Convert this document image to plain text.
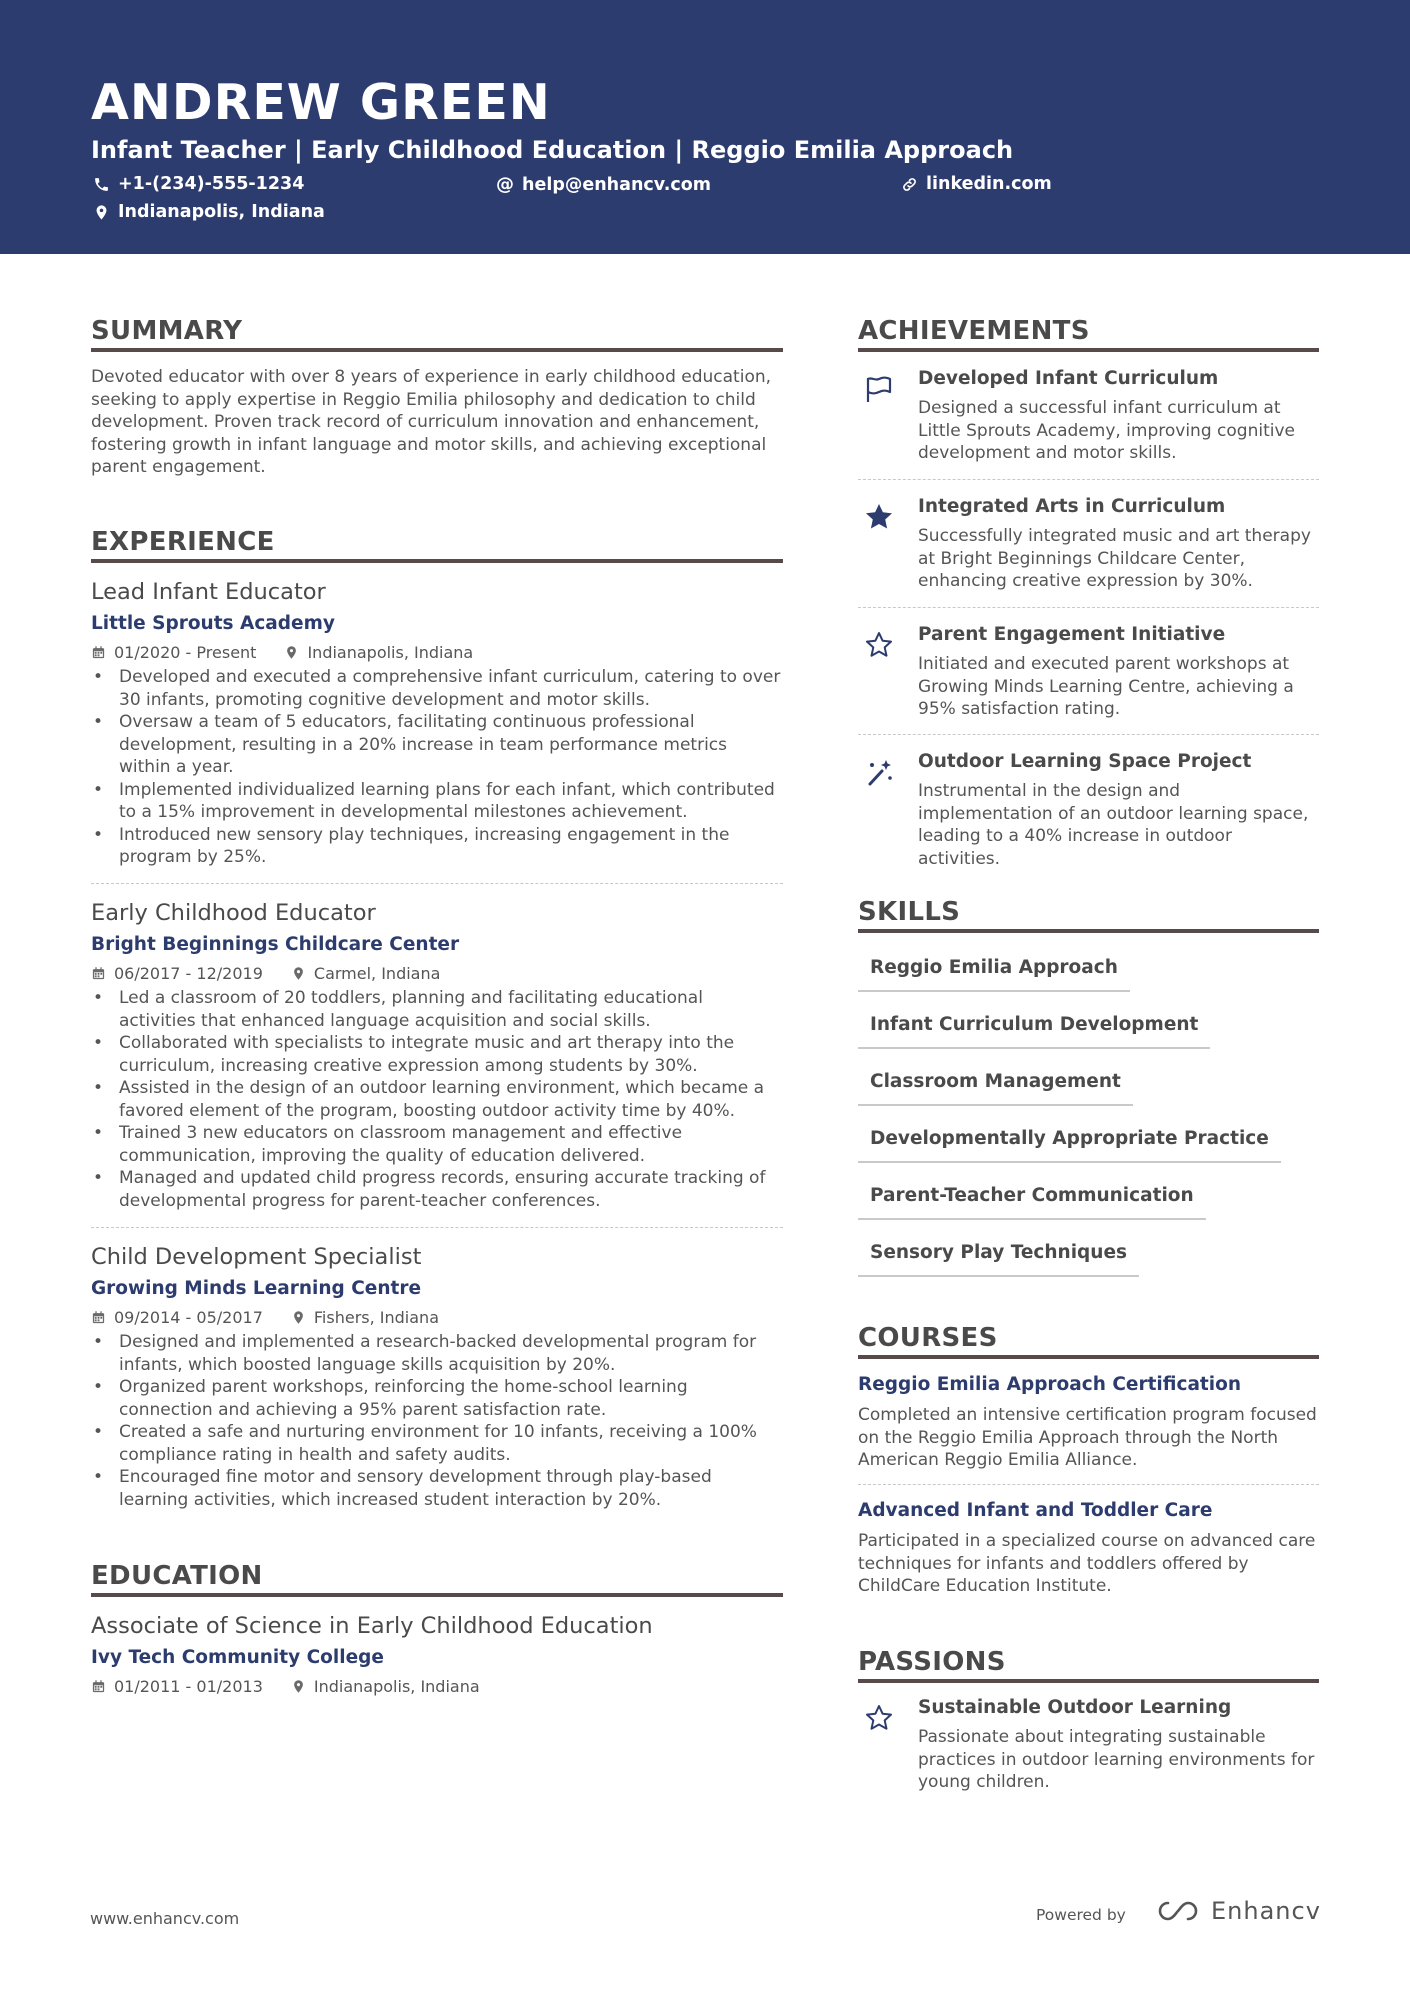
ANDREW GREEN
Infant Teacher | Early Childhood Education | Reggio Emilia Approach
+1-(234)-555-1234	@ help@enhancv.com	linkedin.com
Indianapolis, Indiana
SUMMARY
Devoted educator with over 8 years of experience in early childhood education, seeking to apply expertise in Reggio Emilia philosophy and dedication to child development. Proven track record of curriculum innovation and enhancement, fostering growth in infant language and motor skills, and achieving exceptional parent engagement.
EXPERIENCE
Lead Infant Educator
Little Sprouts Academy
01/2020 - Present	Indianapolis, Indiana
• Developed and executed a comprehensive infant curriculum, catering to over 30 infants, promoting cognitive development and motor skills.
• Oversaw a team of 5 educators, facilitating continuous professional development, resulting in a 20% increase in team performance metrics within a year.
• Implemented individualized learning plans for each infant, which contributed to a 15% improvement in developmental milestones achievement.
• Introduced new sensory play techniques, increasing engagement in the program by 25%.
Early Childhood Educator
Bright Beginnings Childcare Center
06/2017 - 12/2019	Carmel, Indiana
• Led a classroom of 20 toddlers, planning and facilitating educational activities that enhanced language acquisition and social skills.
• Collaborated with specialists to integrate music and art therapy into the curriculum, increasing creative expression among students by 30%.
• Assisted in the design of an outdoor learning environment, which became a favored element of the program, boosting outdoor activity time by 40%.
• Trained 3 new educators on classroom management and effective communication, improving the quality of education delivered.
• Managed and updated child progress records, ensuring accurate tracking of developmental progress for parent-teacher conferences.
Child Development Specialist
Growing Minds Learning Centre
09/2014 - 05/2017	Fishers, Indiana
• Designed and implemented a research-backed developmental program for infants, which boosted language skills acquisition by 20%.
• Organized parent workshops, reinforcing the home-school learning connection and achieving a 95% parent satisfaction rate.
• Created a safe and nurturing environment for 10 infants, receiving a 100% compliance rating in health and safety audits.
• Encouraged fine motor and sensory development through play-based learning activities, which increased student interaction by 20%.
EDUCATION
Associate of Science in Early Childhood Education
Ivy Tech Community College
01/2011 - 01/2013	Indianapolis, Indiana
ACHIEVEMENTS
Developed Infant Curriculum
Designed a successful infant curriculum at Little Sprouts Academy, improving cognitive development and motor skills.
Integrated Arts in Curriculum
Successfully integrated music and art therapy at Bright Beginnings Childcare Center, enhancing creative expression by 30%.
Parent Engagement Initiative
Initiated and executed parent workshops at Growing Minds Learning Centre, achieving a 95% satisfaction rating.
Outdoor Learning Space Project
Instrumental in the design and implementation of an outdoor learning space, leading to a 40% increase in outdoor activities.
SKILLS
Reggio Emilia Approach
Infant Curriculum Development
Classroom Management
Developmentally Appropriate Practice
Parent-Teacher Communication
Sensory Play Techniques
COURSES
Reggio Emilia Approach Certification
Completed an intensive certification program focused on the Reggio Emilia Approach through the North American Reggio Emilia Alliance.
Advanced Infant and Toddler Care
Participated in a specialized course on advanced care techniques for infants and toddlers offered by ChildCare Education Institute.
PASSIONS
Sustainable Outdoor Learning
Passionate about integrating sustainable practices in outdoor learning environments for young children.
www.enhancv.com	Powered by	Enhancv
